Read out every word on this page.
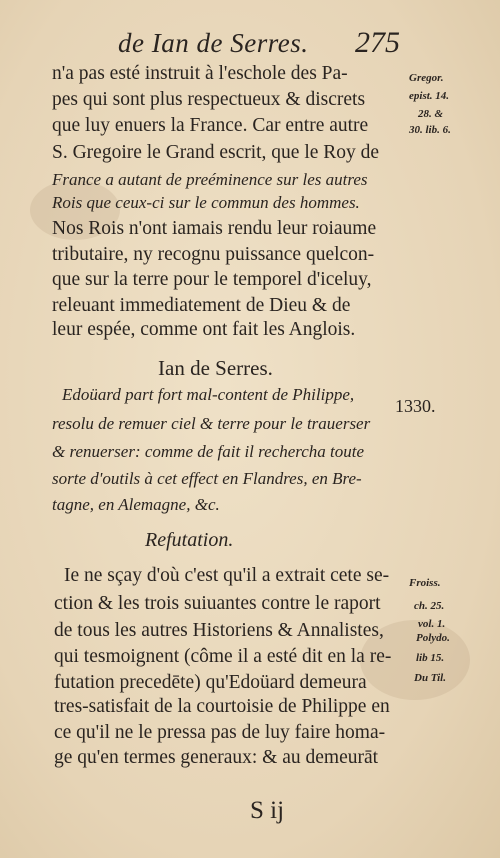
de Ian de Serres. 275
n'a pas esté instruit à l'eschole des Pa-
pes qui sont plus respectueux & discrets
que luy enuers la France. Car entre autre
S. Gregoire le Grand escrit, que le Roy de
France a autant de preéminence sur les autres
Rois que ceux-ci sur le commun des hommes.
Nos Rois n'ont iamais rendu leur roiaume
tributaire, ny recognu puissance quelcon-
que sur la terre pour le temporel d'iceluy,
releuant immediatement de Dieu & de
leur espée, comme ont fait les Anglois.
Ian de Serres.
Edoüard part fort mal-content de Philippe,
resolu de remuer ciel & terre pour le trauerser
& renuerser: comme de fait il rechercha toute
sorte d'outils à cet effect en Flandres, en Bre-
tagne, en Alemagne, &c.
Refutation.
Ie ne sçay d'où c'est qu'il a extrait cete se-
ction & les trois suiuantes contre le raport
de tous les autres Historiens & Annalistes,
qui tesmoignent (côme il a esté dit en la re-
futation precedēte) qu'Edoüard demeura
tres-satisfait de la courtoisie de Philippe en
ce qu'il ne le pressa pas de luy faire homa-
ge qu'en termes generaux: & au demeurāt
Gregor.
epist. 14.
28. &
30. lib. 6.
Froiss.
ch. 25.
vol. 1.
Polydo.
lib 15.
Du Til.
1330.
S ij
